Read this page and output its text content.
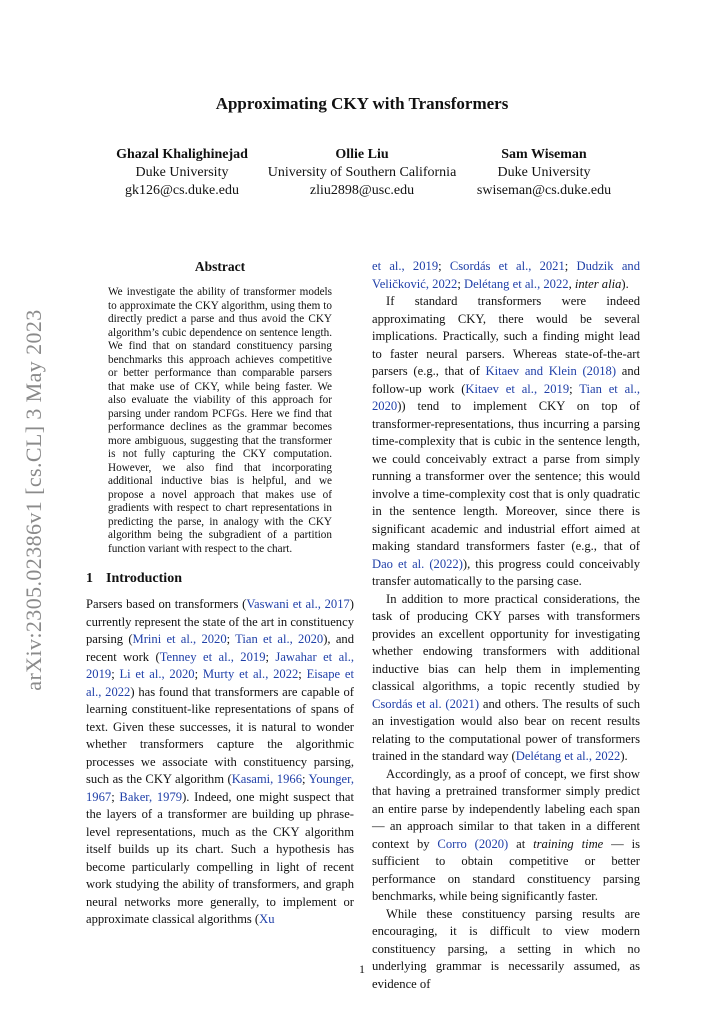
arXiv:2305.02386v1 [cs.CL] 3 May 2023
Approximating CKY with Transformers
Ghazal Khalighinejad
Duke University
gk126@cs.duke.edu
Ollie Liu
University of Southern California
zliu2898@usc.edu
Sam Wiseman
Duke University
swiseman@cs.duke.edu
Abstract

We investigate the ability of transformer models to approximate the CKY algorithm, using them to directly predict a parse and thus avoid the CKY algorithm’s cubic dependence on sentence length. We find that on standard constituency parsing benchmarks this approach achieves competitive or better performance than comparable parsers that make use of CKY, while being faster. We also evaluate the viability of this approach for parsing under random PCFGs. Here we find that performance declines as the grammar becomes more ambiguous, suggesting that the transformer is not fully capturing the CKY computation. However, we also find that incorporating additional inductive bias is helpful, and we propose a novel approach that makes use of gradients with respect to chart representations in predicting the parse, in analogy with the CKY algorithm being the subgradient of a partition function variant with respect to the chart.

1 Introduction

Parsers based on transformers (Vaswani et al., 2017) currently represent the state of the art in constituency parsing (Mrini et al., 2020; Tian et al., 2020), and recent work (Tenney et al., 2019; Jawahar et al., 2019; Li et al., 2020; Murty et al., 2022; Eisape et al., 2022) has found that transformers are capable of learning constituent-like representations of spans of text. Given these successes, it is natural to wonder whether transformers capture the algorithmic processes we associate with constituency parsing, such as the CKY algorithm (Kasami, 1966; Younger, 1967; Baker, 1979). Indeed, one might suspect that the layers of a transformer are building up phrase-level representations, much as the CKY algorithm itself builds up its chart. Such a hypothesis has become particularly compelling in light of recent work studying the ability of transformers, and graph neural networks more generally, to implement or approximate classical algorithms (Xu

et al., 2019; Csordás et al., 2021; Dudzik and Veličković, 2022; Delétang et al., 2022, inter alia).

If standard transformers were indeed approximating CKY, there would be several implications. Practically, such a finding might lead to faster neural parsers. Whereas state-of-the-art parsers (e.g., that of Kitaev and Klein (2018) and follow-up work (Kitaev et al., 2019; Tian et al., 2020)) tend to implement CKY on top of transformer-representations, thus incurring a parsing time-complexity that is cubic in the sentence length, we could conceivably extract a parse from simply running a transformer over the sentence; this would involve a time-complexity cost that is only quadratic in the sentence length. Moreover, since there is significant academic and industrial effort aimed at making standard transformers faster (e.g., that of Dao et al. (2022)), this progress could conceivably transfer automatically to the parsing case.

In addition to more practical considerations, the task of producing CKY parses with transformers provides an excellent opportunity for investigating whether endowing transformers with additional inductive bias can help them in implementing classical algorithms, a topic recently studied by Csordás et al. (2021) and others. The results of such an investigation would also bear on recent results relating to the computational power of transformers trained in the standard way (Delétang et al., 2022).

Accordingly, as a proof of concept, we first show that having a pretrained transformer simply predict an entire parse by independently labeling each span — an approach similar to that taken in a different context by Corro (2020) at training time — is sufficient to obtain competitive or better performance on standard constituency parsing benchmarks, while being significantly faster.

While these constituency parsing results are encouraging, it is difficult to view modern constituency parsing, a setting in which no underlying grammar is necessarily assumed, as evidence of

1
